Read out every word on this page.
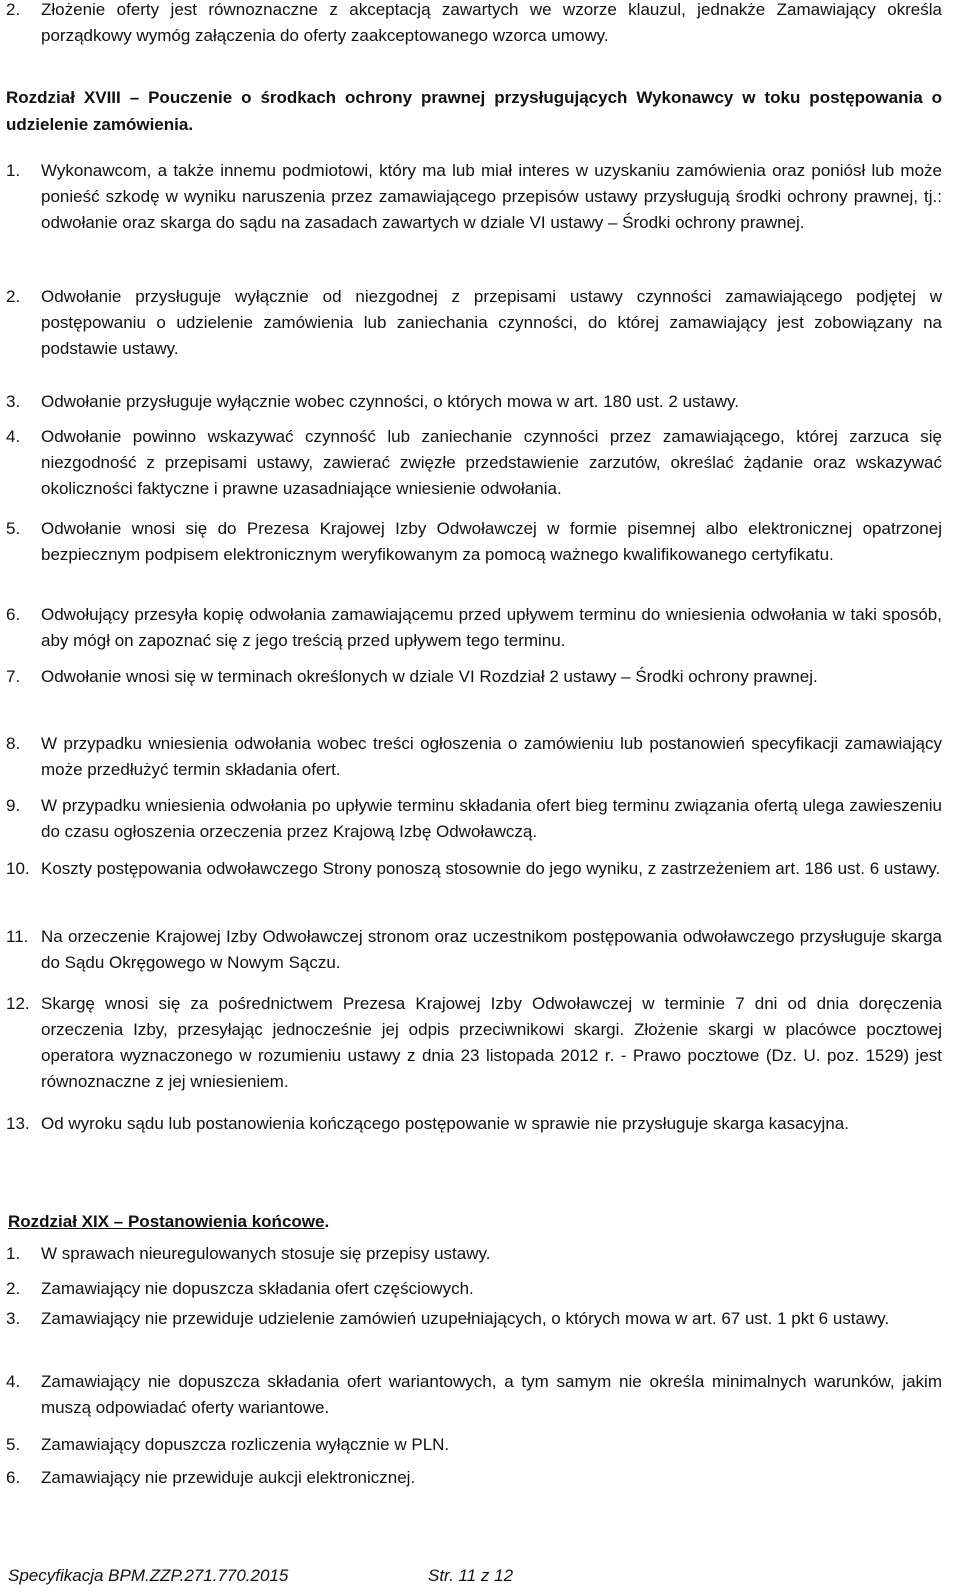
2.	Złożenie oferty jest równoznaczne z akceptacją zawartych we wzorze klauzul, jednakże Zamawiający określa porządkowy wymóg załączenia do oferty zaakceptowanego wzorca umowy.
Rozdział XVIII – Pouczenie o środkach ochrony prawnej przysługujących Wykonawcy w toku postępowania o udzielenie zamówienia.
1.	Wykonawcom, a także innemu podmiotowi, który ma lub miał interes w uzyskaniu zamówienia oraz poniósł lub może ponieść szkodę w wyniku naruszenia przez zamawiającego przepisów ustawy przysługują środki ochrony prawnej, tj.: odwołanie oraz skarga do sądu na zasadach zawartych w dziale VI ustawy – Środki ochrony prawnej.
2.	Odwołanie przysługuje wyłącznie od niezgodnej z przepisami ustawy czynności zamawiającego podjętej w postępowaniu o udzielenie zamówienia lub zaniechania czynności, do której zamawiający jest zobowiązany na podstawie ustawy.
3.	Odwołanie przysługuje wyłącznie wobec czynności, o których mowa w art. 180 ust. 2 ustawy.
4.	Odwołanie powinno wskazywać czynność lub zaniechanie czynności przez zamawiającego, której zarzuca się niezgodność z przepisami ustawy, zawierać zwięzłe przedstawienie zarzutów, określać żądanie oraz wskazywać okoliczności faktyczne i prawne uzasadniające wniesienie odwołania.
5.	Odwołanie wnosi się do Prezesa Krajowej Izby Odwoławczej w formie pisemnej albo elektronicznej opatrzonej bezpiecznym podpisem elektronicznym weryfikowanym za pomocą ważnego kwalifikowanego certyfikatu.
6.	Odwołujący przesyła kopię odwołania zamawiającemu przed upływem terminu do wniesienia odwołania w taki sposób, aby mógł on zapoznać się z jego treścią przed upływem tego terminu.
7.	Odwołanie wnosi się w terminach określonych w dziale VI Rozdział 2 ustawy – Środki ochrony prawnej.
8.	W przypadku wniesienia odwołania wobec treści ogłoszenia o zamówieniu lub postanowień specyfikacji zamawiający może przedłużyć termin składania ofert.
9.	W przypadku wniesienia odwołania po upływie terminu składania ofert bieg terminu związania ofertą ulega zawieszeniu do czasu ogłoszenia orzeczenia przez Krajową Izbę Odwoławczą.
10. Koszty postępowania odwoławczego Strony ponoszą stosownie do jego wyniku, z zastrzeżeniem art. 186 ust. 6 ustawy.
11. Na orzeczenie Krajowej Izby Odwoławczej stronom oraz uczestnikom postępowania odwoławczego przysługuje skarga do Sądu Okręgowego w Nowym Sączu.
12. Skargę wnosi się za pośrednictwem Prezesa Krajowej Izby Odwoławczej w terminie 7 dni od dnia doręczenia orzeczenia Izby, przesyłając jednocześnie jej odpis przeciwnikowi skargi. Złożenie skargi w placówce pocztowej operatora wyznaczonego w rozumieniu ustawy z dnia 23 listopada 2012 r. - Prawo pocztowe (Dz. U. poz. 1529) jest równoznaczne z jej wniesieniem.
13. Od wyroku sądu lub postanowienia kończącego postępowanie w sprawie nie przysługuje skarga kasacyjna.
Rozdział XIX – Postanowienia końcowe.
1.	W sprawach nieuregulowanych stosuje się przepisy ustawy.
2.	Zamawiający nie dopuszcza składania ofert częściowych.
3.	Zamawiający nie przewiduje udzielenie zamówień uzupełniających, o których mowa w art. 67 ust. 1 pkt 6 ustawy.
4.	Zamawiający nie dopuszcza składania ofert wariantowych, a tym samym nie określa minimalnych warunków, jakim muszą odpowiadać oferty wariantowe.
5.	Zamawiający dopuszcza rozliczenia wyłącznie w PLN.
6.	Zamawiający nie przewiduje aukcji elektronicznej.
Specyfikacja BPM.ZZP.271.770.2015	Str. 11 z 12
